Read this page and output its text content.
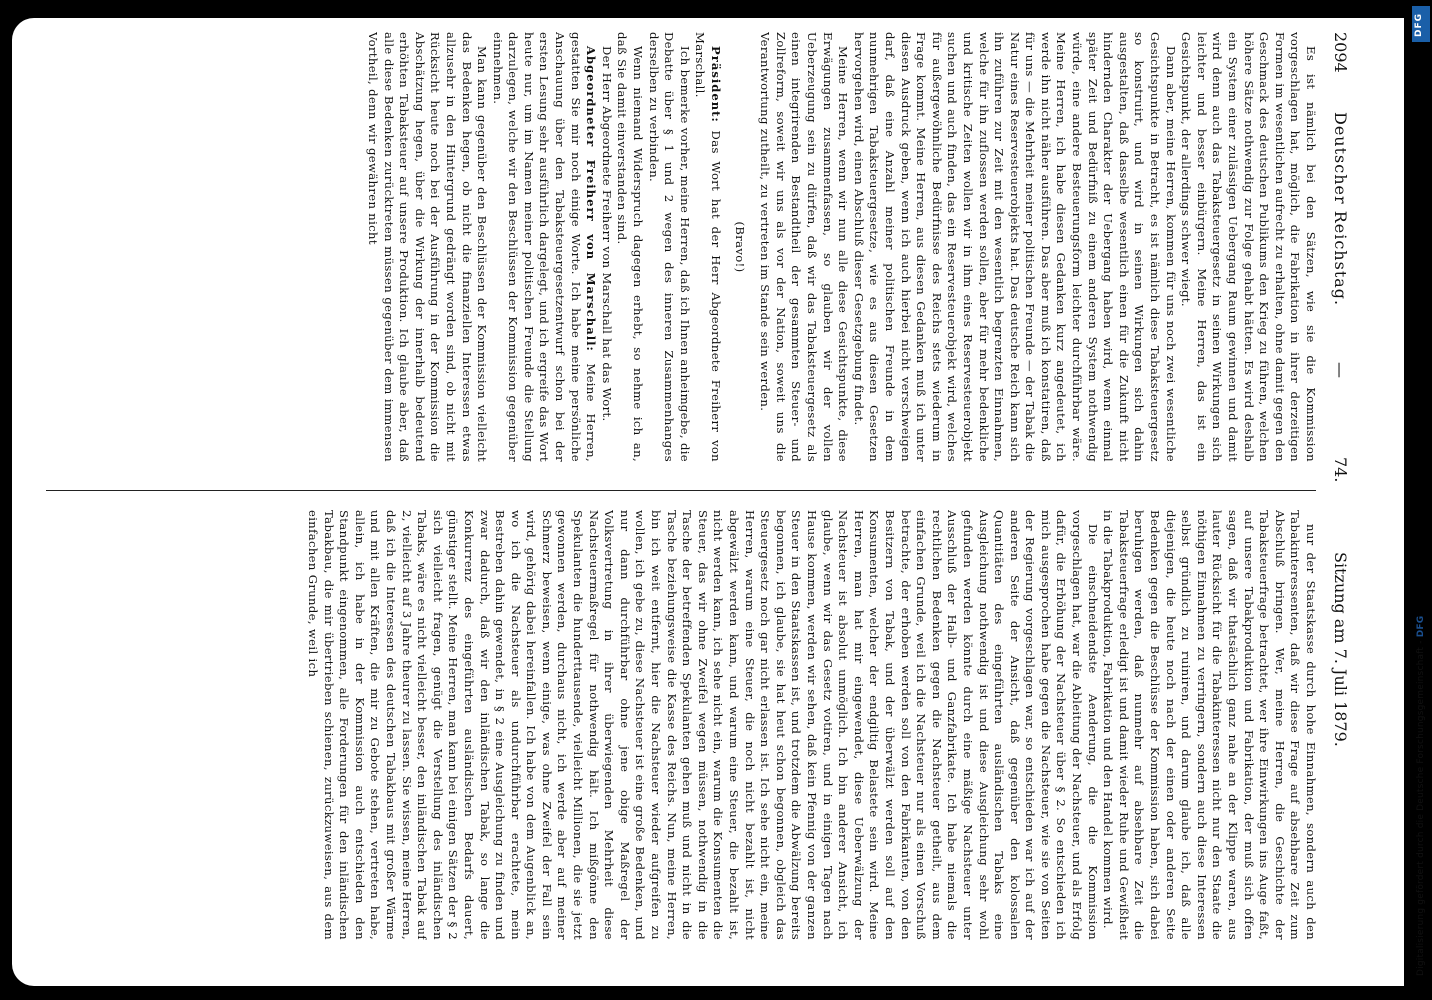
2094
Deutscher Reichstag.
—
74.
Sitzung am 7. Juli 1879.

Es ist nämlich bei den Sätzen, wie sie die Kommission vorgeschlagen hat, möglich, die Fabrikation in ihrer derzeitigen Formen im wesentlichen aufrecht zu erhalten, ohne damit gegen den Geschmack des deutschen Publikums den Krieg zu führen, welchen höhere Sätze nothwendig zur Folge gehabt hätten. Es wird deshalb ein System einer zulässigen Uebergang Raum gewinnen und damit wird denn auch das Tabaksteuergesetz in seinen Wirkungen sich leichter und besser einbürgern. Meine Herren, das ist ein Gesichtspunkt, der allerdings schwer wiegt.

Dann aber, meine Herren, kommen für uns noch zwei wesentliche Gesichtspunkte in Betracht, es ist nämlich diese Tabaksteuergesetz so konstruirt, und wird in seinen Wirkungen sich dahin ausgestalten, daß dasselbe wesentlich einen für die Zukunft nicht hindernden Charakter der Uebergang haben wird, wenn einmal später Zeit und Bedürfniß zu einem anderen System nothwendig würde, eine andere Besteuerungsform leichter durchführbar wäre. Meine Herren, ich habe diesen Gedanken kurz angedeutet, ich werde ihn nicht näher ausführen. Das aber muß ich konstatiren, daß für uns — die Mehrheit meiner politischen Freunde — der Tabak die Natur eines Reservesteuerobjekts hat. Das deutsche Reich kann sich ihn zuführen zur Zeit mit den wesentlich begrenzten Einnahmen, welche für ihn zuflossen werden sollen, aber für mehr bedenkliche und kritische Zeiten wollen wir in ihm eines Reservesteuerobjekt suchen und auch finden, das ein Reservesteuerobjekt wird, welches für außergewöhnliche Bedürfnisse des Reichs stets wiederum in Frage kommt. Meine Herren, aus diesen Gedanken muß ich unter diesen Ausdruck geben, wenn ich auch hierbei nicht verschweigen darf, daß eine Anzahl meiner politischen Freunde in dem nunmehrigen Tabaksteuergesetze, wie es aus diesen Gesetzen hervorgehen wird, einen Abschluß dieser Gesetzgebung findet.

Meine Herren, wenn wir nun alle diese Gesichtspunkte, diese Erwägungen zusammenfassen, so glauben wir der vollen Ueberzeugung sein zu dürfen, daß wir das Tabaksteuergesetz als einen integrirenden Bestandtheil der gesammten Steuer- und Zollreform, soweit wir uns als vor der Nation, soweit uns die Verantwortung zutheilt, zu vertreten im Stande sein werden.

(Bravo!)

Präsident: Das Wort hat der Herr Abgeordnete Freiherr von Marschall.

Ich bemerke vorher, meine Herren, daß ich Ihnen anheimgebe, die Debatte über § 1 und 2 wegen des inneren Zusammenhanges derselben zu verbinden.

Wenn niemand Widerspruch dagegen erhebt, so nehme ich an, daß Sie damit einverstanden sind.

Der Herr Abgeordnete Freiherr von Marschall hat das Wort.

Abgeordneter Freiherr von Marschall: Meine Herren, gestatten Sie mir noch einige Worte. Ich habe meine persönliche Anschauung über den Tabaksteuergesetzentwurf schon bei der ersten Lesung sehr ausführlich dargelegt, und ich ergreife das Wort heute nur, um im Namen meiner politischen Freunde die Stellung darzulegen, welche wir den Beschlüssen der Kommission gegenüber einnehmen.

Man kann gegenüber den Beschlüssen der Kommission vielleicht das Bedenken hegen, ob nicht die finanziellen Interessen etwas allzusehr in den Hintergrund gedrängt worden sind, ob nicht mit Rücksicht heute noch bei der Ausführung in der Kommission die Abschätzung hegen, über die Wirkung der innerhalb bedeutend erhöhten Tabaksteuer auf unsere Produktion. Ich glaube aber, daß alle diese Bedenken zurücktreten müssen gegenüber dem immensen Vortheil, denn wir gewähren nicht

nur der Staatskasse durch hohe Einnahmen, sondern auch den Tabakinteressenten, daß wir diese Frage auf absehbare Zeit zum Abschluß bringen. Wer, meine Herren, die Geschichte der Tabaksteuerfrage betrachtet, wer ihre Einwirkungen ins Auge faßt, auf unsere Tabakproduktion und Fabrikation, der muß sich offen sagen, daß wir thatsächlich ganz nahe an der Klippe waren, aus lauter Rücksicht für die Tabakinteressen nicht nur den Staate die nöthigen Einnahmen zu verringern, sondern auch diese Interessen selbst gründlich zu ruiniren, und darum glaube ich, daß alle diejenigen, die heute noch nach der einen oder anderen Seite Bedenken gegen die Beschlüsse der Kommission haben, sich dabei beruhigen werden, daß nunmehr auf absehbare Zeit die Tabaksteuerfrage erledigt ist und damit wieder Ruhe und Gewißheit in die Tabakproduktion, Fabrikation und den Handel kommen wird.

Die einschneidendste Aenderung, die die Kommission vorgeschlagen hat, war die Ableitung der Nachsteuer, und als Erfolg dafür, die Erhöhung der Nachsteuer über § 2. So entschieden ich mich ausgesprochen habe gegen die Nachsteuer, wie sie von Seiten der Regierung vorgeschlagen war, so entschieden war ich auf der anderen Seite der Ansicht, daß gegenüber den kolossalen Quantitäten des eingeführten ausländischen Tabaks eine Ausgleichung nothwendig ist und diese Ausgleichung sehr wohl gefunden werden könnte durch eine mäßige Nachsteuer unter Ausschluß der Halb- und Ganzfabrikate. Ich habe niemals die rechtlichen Bedenken gegen die Nachsteuer getheilt, aus dem einfachen Grunde, weil ich die Nachsteuer nur als einen Vorschuß betrachte, der erhoben werden soll von den Fabrikanten, von den Besitzern von Tabak, und der überwälzt werden soll auf den Konsumenten, welcher der endgiltig Belastete sein wird. Meine Herren, man hat mir eingewendet, diese Ueberwälzung der Nachsteuer ist absolut unmöglich. Ich bin anderer Ansicht, ich glaube, wenn wir das Gesetz votiren, und in einigen Tagen nach Hause kommen, werden wir sehen, daß kein Pfennig von der ganzen Steuer in den Staatskassen ist, und trotzdem die Abwälzung bereits begonnen, ich glaube, sie hat heut schon begonnen, obgleich das Steuergesetz noch gar nicht erlassen ist. Ich sehe nicht ein, meine Herren, warum eine Steuer, die noch nicht bezahlt ist, nicht abgewälzt werden kann, und warum eine Steuer, die bezahlt ist, nicht werden kann, ich sehe nicht ein, warum die Konsumenten die Steuer, das wir ohne Zweifel wegen müssen, nothwendig in die Tasche der betreffenden Spekulanten gehen muß und nicht in die Tasche beziehungsweise die Kasse des Reichs. Nun, meine Herren, bin ich weit entfernt, hier die Nachsteuer wieder aufgreifen zu wollen, ich gebe zu, diese Nachsteuer ist eine große Bedenken, und nur dann durchführbar ohne jene obige Maßregel der Volksvertretung in ihrer überwiegenden Mehrheit diese Nachsteuermaßregel für nothwendig hält. Ich mißgönne den Spekulanten die hunderttausende, vielleicht Millionen, die sie jetzt gewonnen werden, durchaus nicht, ich werde aber auf meiner Schmerz beweisen, wenn einige, was ohne Zweifel der Fall sein wird, gehörig dabei hereinfallen. Ich habe von dem Augenblick an, wo ich die Nachsteuer als undurchführbar erachtete, mein Bestreben dahin gewendet, in § 2 eine Ausgleichung zu finden und zwar dadurch, daß wir den inländischen Tabak, so lange die Konkurrenz des eingeführten ausländischen Bedarfs dauert, günstiger stellt. Meine Herren, man kann bei einigen Sätzen der § 2 sich vielleicht fragen, genügt die Verstellung des inländischen Tabaks, wäre es nicht vielleicht besser, den inländischen Tabak auf 2, vielleicht auf 3 Jahre theurer zu lassen. Sie wissen, meine Herren, daß ich die Interessen des deutschen Tabakbaus mit großer Wärme und mit allen Kräften, die mir zu Gebote stehen, vertreten habe, allein, ich habe in der Kommission auch entschieden den Standpunkt eingenommen, alle Forderungen für den inländischen Tabakbau, die mir übertrieben schienen, zurückzuweisen, aus dem einfachen Grunde, weil ich

DFG
Digitalisierung gefördert durch die Deutsche Forschungsgemeinschaft - DFG
